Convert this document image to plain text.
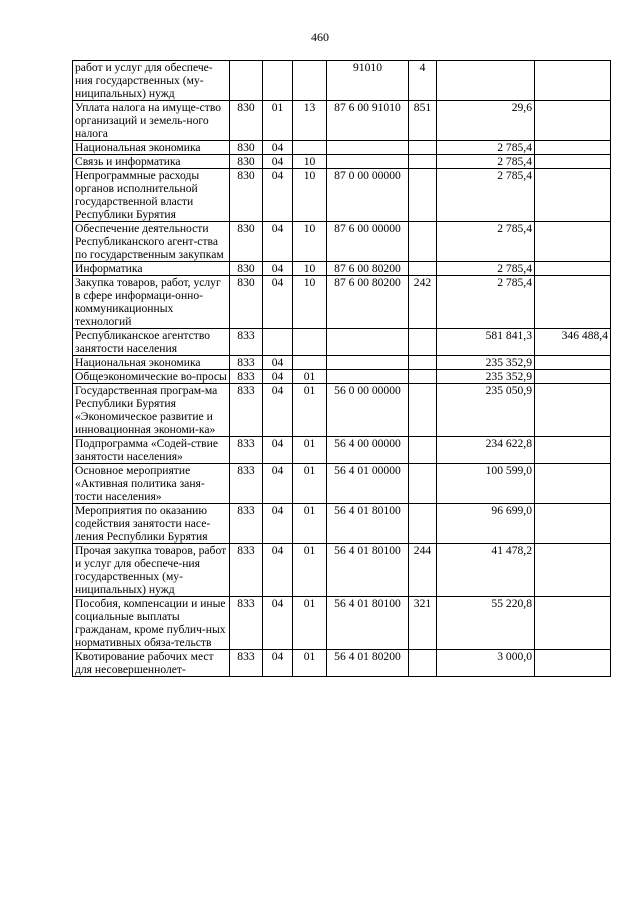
460
работ и услуг для обеспече-ния государственных (му-ниципальных) нужд				91010	4		
Уплата налога на имуще-ство организаций и земель-ного налога	830	01	13	87 6 00 91010	851	29,6	
Национальная экономика	830	04				2 785,4	
Связь и информатика	830	04	10			2 785,4	
Непрограммные расходы органов исполнительной государственной власти Республики Бурятия	830	04	10	87 0 00 00000		2 785,4	
Обеспечение деятельности Республиканского агент-ства по государственным закупкам	830	04	10	87 6 00 00000		2 785,4	
Информатика	830	04	10	87 6 00 80200		2 785,4	
Закупка товаров, работ, услуг в сфере информаци-онно-коммуникационных технологий	830	04	10	87 6 00 80200	242	2 785,4	
Республиканское агентство занятости населения	833					581 841,3	346 488,4
Национальная экономика	833	04				235 352,9	
Общеэкономические во-просы	833	04	01			235 352,9	
Государственная програм-ма Республики Бурятия «Экономическое развитие и инновационная экономи-ка»	833	04	01	56 0 00 00000		235 050,9	
Подпрограмма «Содей-ствие занятости населения»	833	04	01	56 4 00 00000		234 622,8	
Основное мероприятие «Активная политика заня-тости населения»	833	04	01	56 4 01 00000		100 599,0	
Мероприятия по оказанию содействия занятости насе-ления Республики Бурятия	833	04	01	56 4 01 80100		96 699,0	
Прочая закупка товаров, работ и услуг для обеспече-ния государственных (му-ниципальных) нужд	833	04	01	56 4 01 80100	244	41 478,2	
Пособия, компенсации и иные социальные выплаты гражданам, кроме публич-ных нормативных обяза-тельств	833	04	01	56 4 01 80100	321	55 220,8	
Квотирование рабочих мест для несовершеннолет-	833	04	01	56 4 01 80200		3 000,0	
